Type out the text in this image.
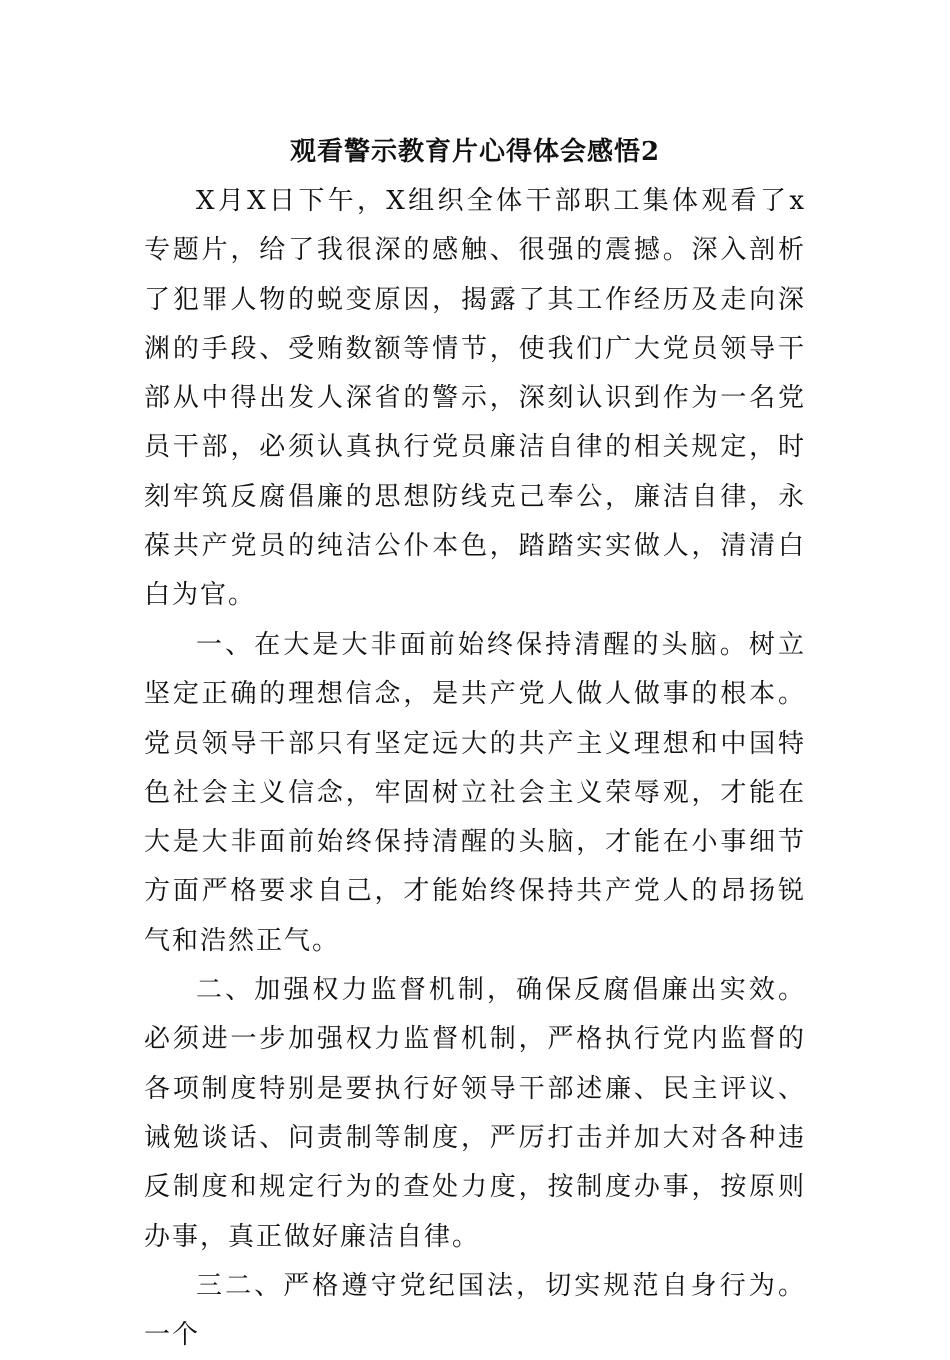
观看警示教育片心得体会感悟2

X月X日下午，X组织全体干部职工集体观看了x专题片，给了我很深的感触、很强的震撼。深入剖析了犯罪人物的蜕变原因，揭露了其工作经历及走向深渊的手段、受贿数额等情节，使我们广大党员领导干部从中得出发人深省的警示，深刻认识到作为一名党员干部，必须认真执行党员廉洁自律的相关规定，时刻牢筑反腐倡廉的思想防线克己奉公，廉洁自律，永葆共产党员的纯洁公仆本色，踏踏实实做人，清清白白为官。

一、在大是大非面前始终保持清醒的头脑。树立坚定正确的理想信念，是共产党人做人做事的根本。党员领导干部只有坚定远大的共产主义理想和中国特色社会主义信念，牢固树立社会主义荣辱观，才能在大是大非面前始终保持清醒的头脑，才能在小事细节方面严格要求自己，才能始终保持共产党人的昂扬锐气和浩然正气。

二、加强权力监督机制，确保反腐倡廉出实效。必须进一步加强权力监督机制，严格执行党内监督的各项制度特别是要执行好领导干部述廉、民主评议、诫勉谈话、问责制等制度，严厉打击并加大对各种违反制度和规定行为的查处力度，按制度办事，按原则办事，真正做好廉洁自律。

三二、严格遵守党纪国法，切实规范自身行为。一个
